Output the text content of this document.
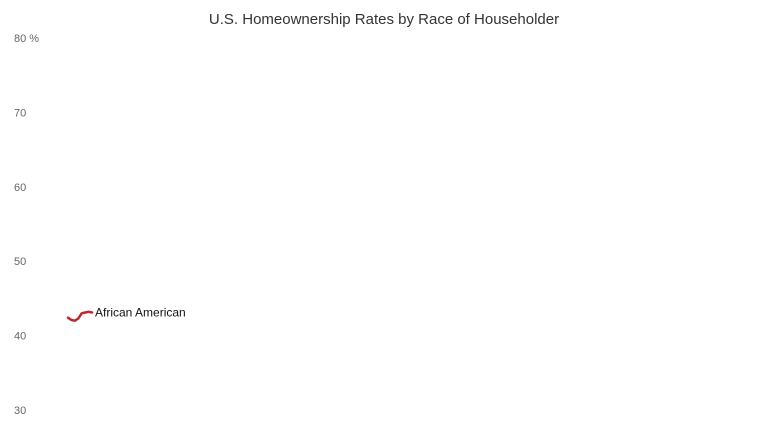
U.S. Homeownership Rates by Race of Householder
80 %
70
60
50
40
30
African American
